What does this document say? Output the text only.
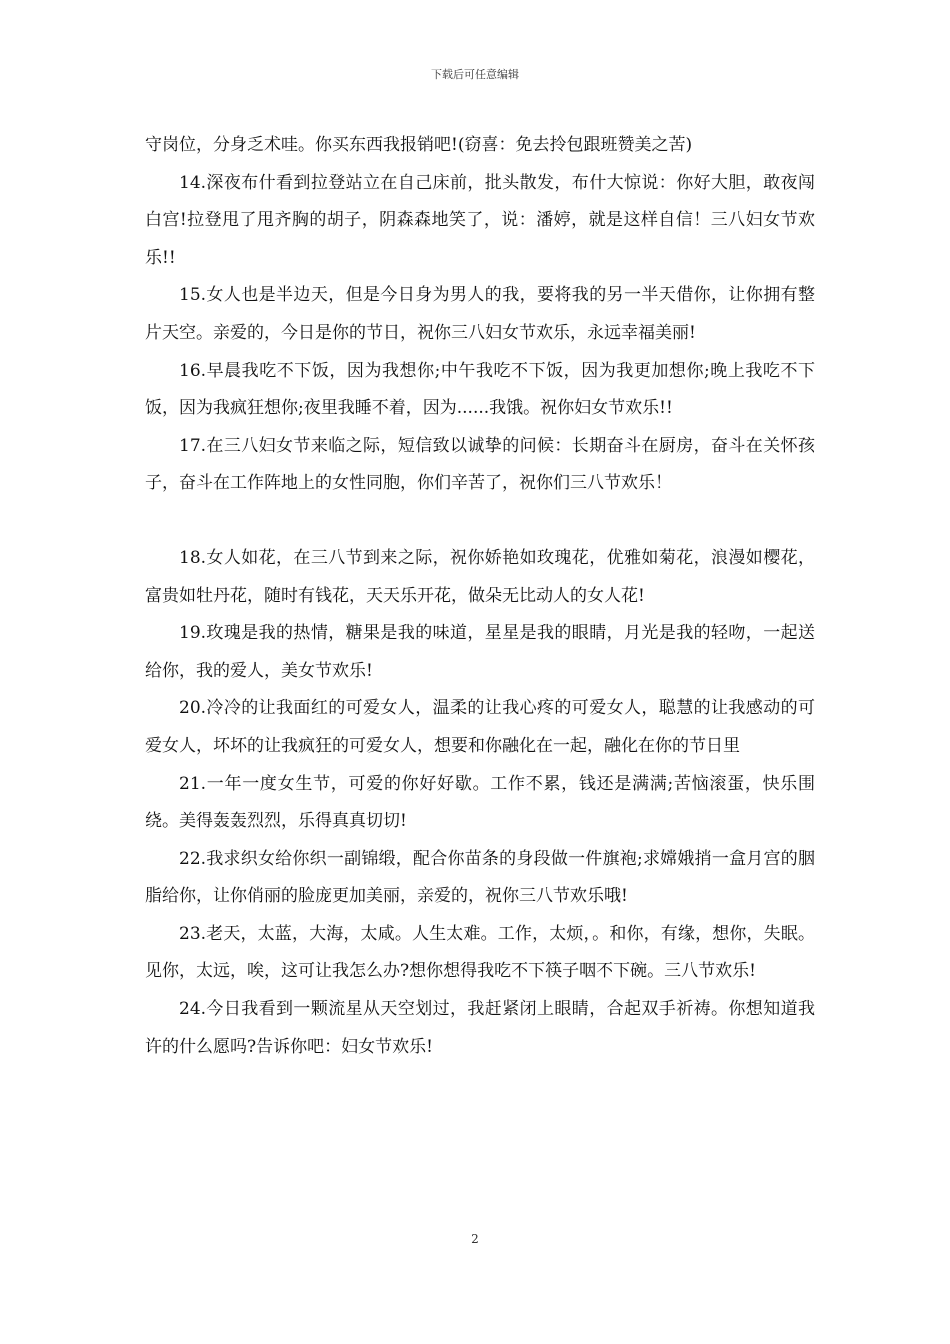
下载后可任意编辑

守岗位，分身乏术哇。你买东西我报销吧!(窃喜：免去拎包跟班赞美之苦)

14.深夜布什看到拉登站立在自己床前，批头散发，布什大惊说：你好大胆，敢夜闯白宫!拉登甩了甩齐胸的胡子，阴森森地笑了，说：潘婷，就是这样自信！三八妇女节欢乐!!

15.女人也是半边天，但是今日身为男人的我，要将我的另一半天借你，让你拥有整片天空。亲爱的，今日是你的节日，祝你三八妇女节欢乐，永远幸福美丽!

16.早晨我吃不下饭，因为我想你;中午我吃不下饭，因为我更加想你;晚上我吃不下饭，因为我疯狂想你;夜里我睡不着，因为......我饿。祝你妇女节欢乐!!

17.在三八妇女节来临之际，短信致以诚挚的问候：长期奋斗在厨房，奋斗在关怀孩子，奋斗在工作阵地上的女性同胞，你们辛苦了，祝你们三八节欢乐！

18.女人如花，在三八节到来之际，祝你娇艳如玫瑰花，优雅如菊花，浪漫如樱花，富贵如牡丹花，随时有钱花，天天乐开花，做朵无比动人的女人花!

19.玫瑰是我的热情，糖果是我的味道，星星是我的眼睛，月光是我的轻吻，一起送给你，我的爱人，美女节欢乐!

20.冷冷的让我面红的可爱女人，温柔的让我心疼的可爱女人，聪慧的让我感动的可爱女人，坏坏的让我疯狂的可爱女人，想要和你融化在一起，融化在你的节日里

21.一年一度女生节，可爱的你好好歇。工作不累，钱还是满满;苦恼滚蛋，快乐围绕。美得轰轰烈烈，乐得真真切切!

22.我求织女给你织一副锦缎，配合你苗条的身段做一件旗袍;求嫦娥捎一盒月宫的胭脂给你，让你俏丽的脸庞更加美丽，亲爱的，祝你三八节欢乐哦!

23.老天，太蓝，大海，太咸。人生太难。工作，太烦，。和你，有缘，想你，失眠。见你，太远，唉，这可让我怎么办?想你想得我吃不下筷子咽不下碗。三八节欢乐!

24.今日我看到一颗流星从天空划过，我赶紧闭上眼睛，合起双手祈祷。你想知道我许的什么愿吗?告诉你吧：妇女节欢乐!

2
